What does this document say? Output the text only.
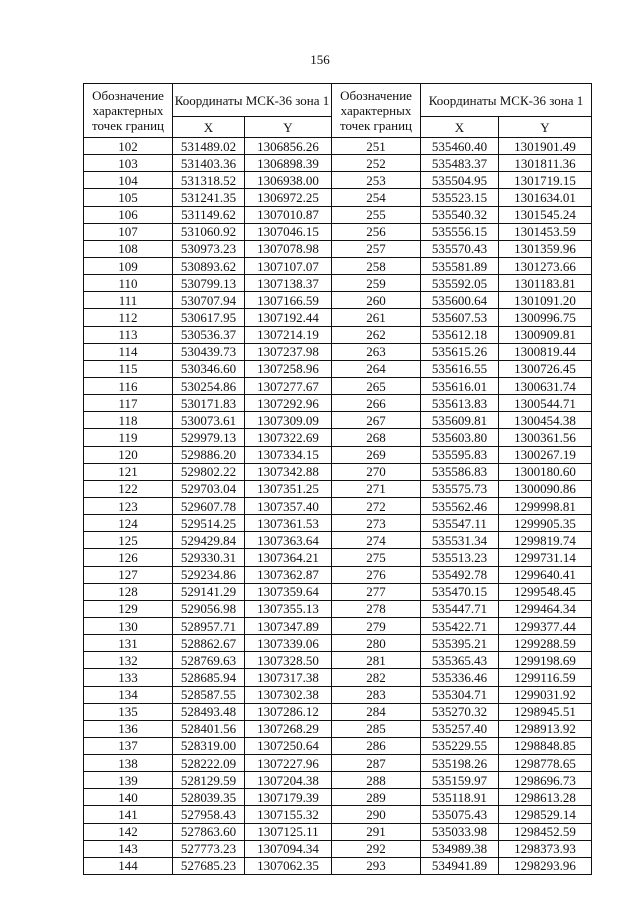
156
Обозначение характерных точек границ	Координаты МСК-36 зона 1		Обозначение характерных точек границ	Координаты МСК-36 зона 1	
	X	Y		X	Y
102	531489.02	1306856.26	251	535460.40	1301901.49
103	531403.36	1306898.39	252	535483.37	1301811.36
104	531318.52	1306938.00	253	535504.95	1301719.15
105	531241.35	1306972.25	254	535523.15	1301634.01
106	531149.62	1307010.87	255	535540.32	1301545.24
107	531060.92	1307046.15	256	535556.15	1301453.59
108	530973.23	1307078.98	257	535570.43	1301359.96
109	530893.62	1307107.07	258	535581.89	1301273.66
110	530799.13	1307138.37	259	535592.05	1301183.81
111	530707.94	1307166.59	260	535600.64	1301091.20
112	530617.95	1307192.44	261	535607.53	1300996.75
113	530536.37	1307214.19	262	535612.18	1300909.81
114	530439.73	1307237.98	263	535615.26	1300819.44
115	530346.60	1307258.96	264	535616.55	1300726.45
116	530254.86	1307277.67	265	535616.01	1300631.74
117	530171.83	1307292.96	266	535613.83	1300544.71
118	530073.61	1307309.09	267	535609.81	1300454.38
119	529979.13	1307322.69	268	535603.80	1300361.56
120	529886.20	1307334.15	269	535595.83	1300267.19
121	529802.22	1307342.88	270	535586.83	1300180.60
122	529703.04	1307351.25	271	535575.73	1300090.86
123	529607.78	1307357.40	272	535562.46	1299998.81
124	529514.25	1307361.53	273	535547.11	1299905.35
125	529429.84	1307363.64	274	535531.34	1299819.74
126	529330.31	1307364.21	275	535513.23	1299731.14
127	529234.86	1307362.87	276	535492.78	1299640.41
128	529141.29	1307359.64	277	535470.15	1299548.45
129	529056.98	1307355.13	278	535447.71	1299464.34
130	528957.71	1307347.89	279	535422.71	1299377.44
131	528862.67	1307339.06	280	535395.21	1299288.59
132	528769.63	1307328.50	281	535365.43	1299198.69
133	528685.94	1307317.38	282	535336.46	1299116.59
134	528587.55	1307302.38	283	535304.71	1299031.92
135	528493.48	1307286.12	284	535270.32	1298945.51
136	528401.56	1307268.29	285	535257.40	1298913.92
137	528319.00	1307250.64	286	535229.55	1298848.85
138	528222.09	1307227.96	287	535198.26	1298778.65
139	528129.59	1307204.38	288	535159.97	1298696.73
140	528039.35	1307179.39	289	535118.91	1298613.28
141	527958.43	1307155.32	290	535075.43	1298529.14
142	527863.60	1307125.11	291	535033.98	1298452.59
143	527773.23	1307094.34	292	534989.38	1298373.93
144	527685.23	1307062.35	293	534941.89	1298293.96
